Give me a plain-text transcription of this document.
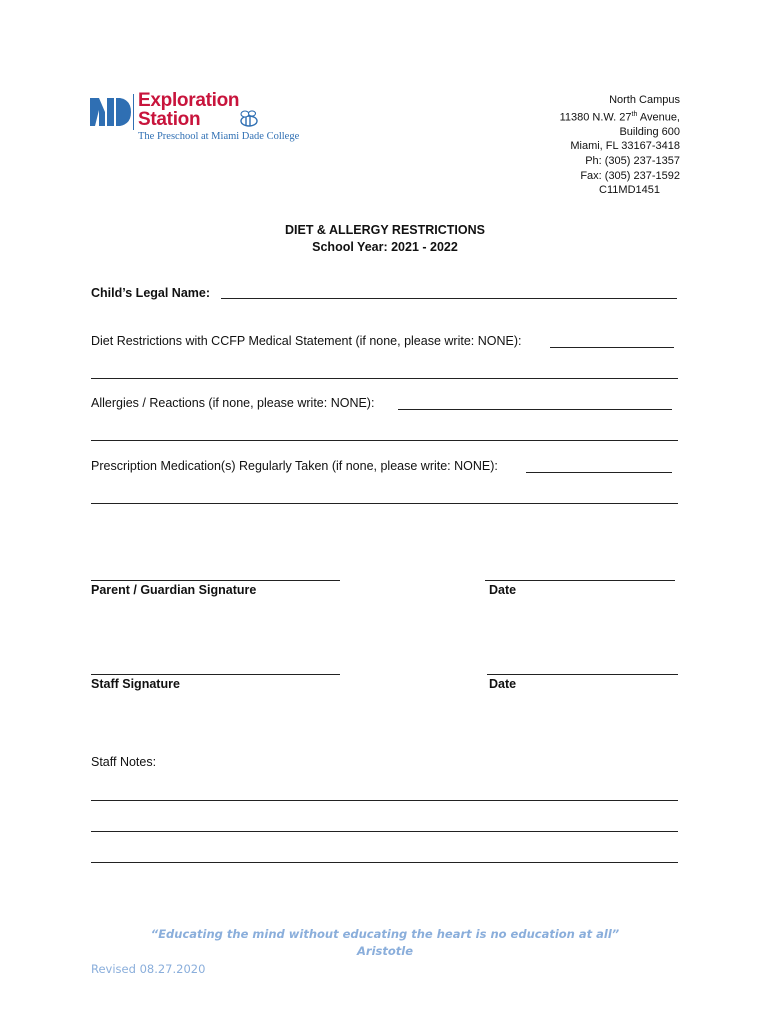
Exploration
Station
The Preschool at Miami Dade College
North Campus
11380 N.W. 27th Avenue,
Building 600
Miami, FL 33167-3418
Ph: (305) 237-1357
Fax: (305) 237-1592
C11MD1451
DIET & ALLERGY RESTRICTIONS
School Year: 2021 - 2022
Child’s Legal Name:
Diet Restrictions with CCFP Medical Statement (if none, please write: NONE):
Allergies / Reactions (if none, please write: NONE):
Prescription Medication(s) Regularly Taken (if none, please write: NONE):
Parent / Guardian Signature	Date
Staff Signature	Date
Staff Notes:
“Educating the mind without educating the heart is no education at all”
Aristotle
Revised 08.27.2020
